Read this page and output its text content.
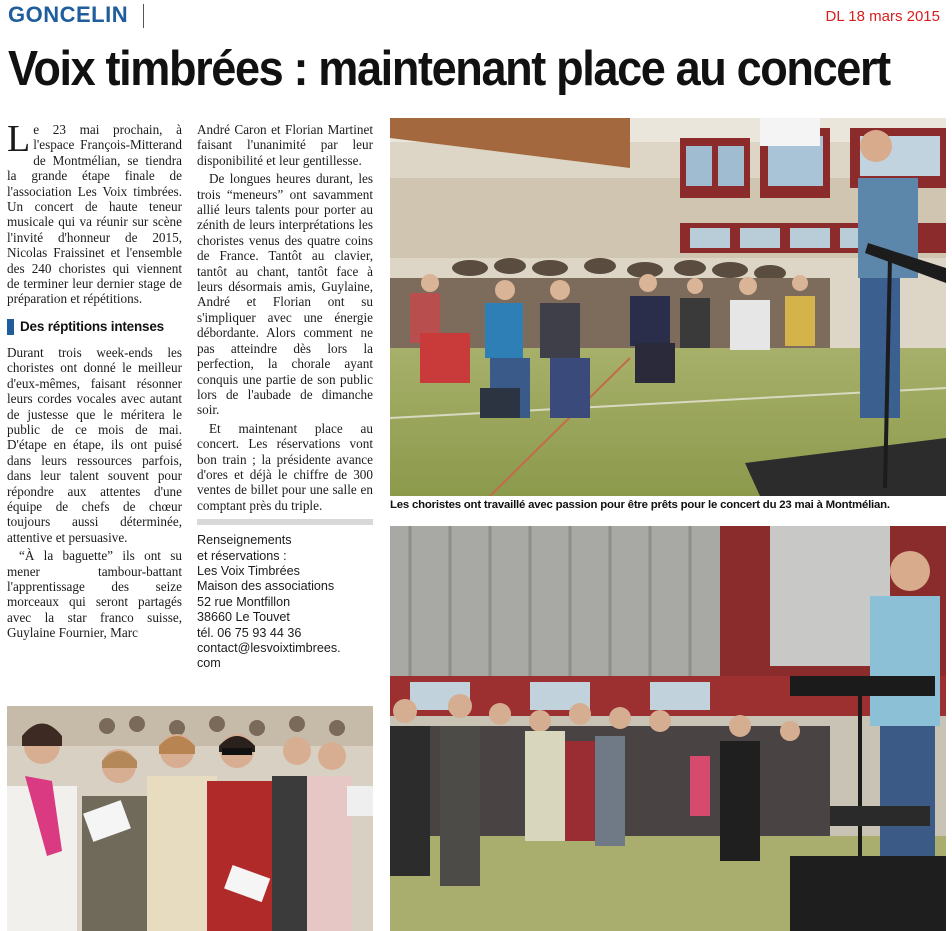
GONCELIN	DL 18 mars 2015
Voix timbrées : maintenant place au concert

Le 23 mai prochain, à l'espace François-Mitterand de Montmélian, se tiendra la grande étape finale de l'association Les Voix timbrées. Un concert de haute teneur musicale qui va réunir sur scène l'invité d'honneur de 2015, Nicolas Fraissinet et l'ensemble des 240 choristes qui viennent de terminer leur dernier stage de préparation et répétitions.

Des réptitions intenses

Durant trois week-ends les choristes ont donné le meilleur d'eux-mêmes, faisant résonner leurs cordes vocales avec autant de justesse que le méritera le public de ce mois de mai. D'étape en étape, ils ont puisé dans leurs ressources parfois, dans leur talent souvent pour répondre aux attentes d'une équipe de chefs de chœur toujours aussi déterminée, attentive et persuasive.

“À la baguette” ils ont su mener tambour-battant l'apprentissage des seize morceaux qui seront partagés avec la star franco suisse, Guylaine Fournier, Marc

André Caron et Florian Martinet faisant l'unanimité par leur disponibilité et leur gentillesse.

De longues heures durant, les trois “meneurs” ont savamment allié leurs talents pour porter au zénith de leurs interprétations les choristes venus des quatre coins de France. Tantôt au clavier, tantôt au chant, tantôt face à leurs désormais amis, Guylaine, André et Florian ont su s'impliquer avec une énergie débordante. Alors comment ne pas atteindre dès lors la perfection, la chorale ayant conquis une partie de son public lors de l'aubade de dimanche soir.

Et maintenant place au concert. Les réservations vont bon train ; la présidente avance d'ores et déjà le chiffre de 300 ventes de billet pour une salle en comptant près du triple.

Renseignements
et réservations :
Les Voix Timbrées
Maison des associations
52 rue Montfillon
38660 Le Touvet
tél. 06 75 93 44 36
contact@lesvoixtimbrees.
com
Les choristes ont travaillé avec passion pour être prêts pour le concert du 23 mai à Montmélian.
